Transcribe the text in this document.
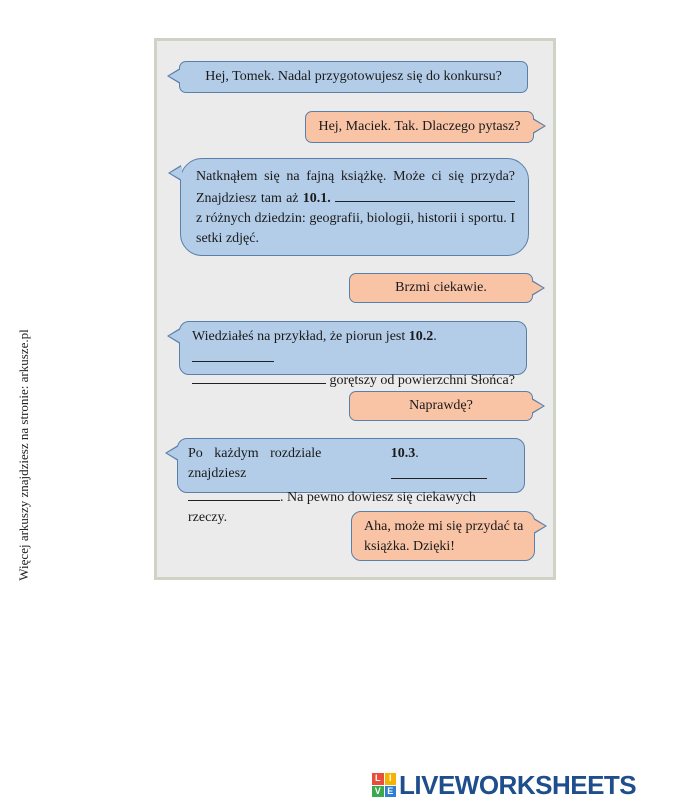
Więcej arkuszy znajdziesz na stronie: arkusze.pl
Hej, Tomek. Nadal przygotowujesz się do konkursu?
Hej, Maciek. Tak. Dlaczego pytasz?
Natknąłem się na fajną książkę. Może ci się przyda? Znajdziesz tam aż 10.1.  z różnych dziedzin: geografii, biologii, historii i sportu. I setki zdjęć.
Brzmi ciekawie.
Wiedziałeś na przykład, że piorun jest 10.2.
gorętszy od powierzchni Słońca?
Naprawdę?
Po każdym rozdziale znajdziesz
10.3.
. Na pewno dowiesz się ciekawych rzeczy.
Aha, może mi się przydać ta książka. Dzięki!
L I
V E LIVEWORKSHEETS
